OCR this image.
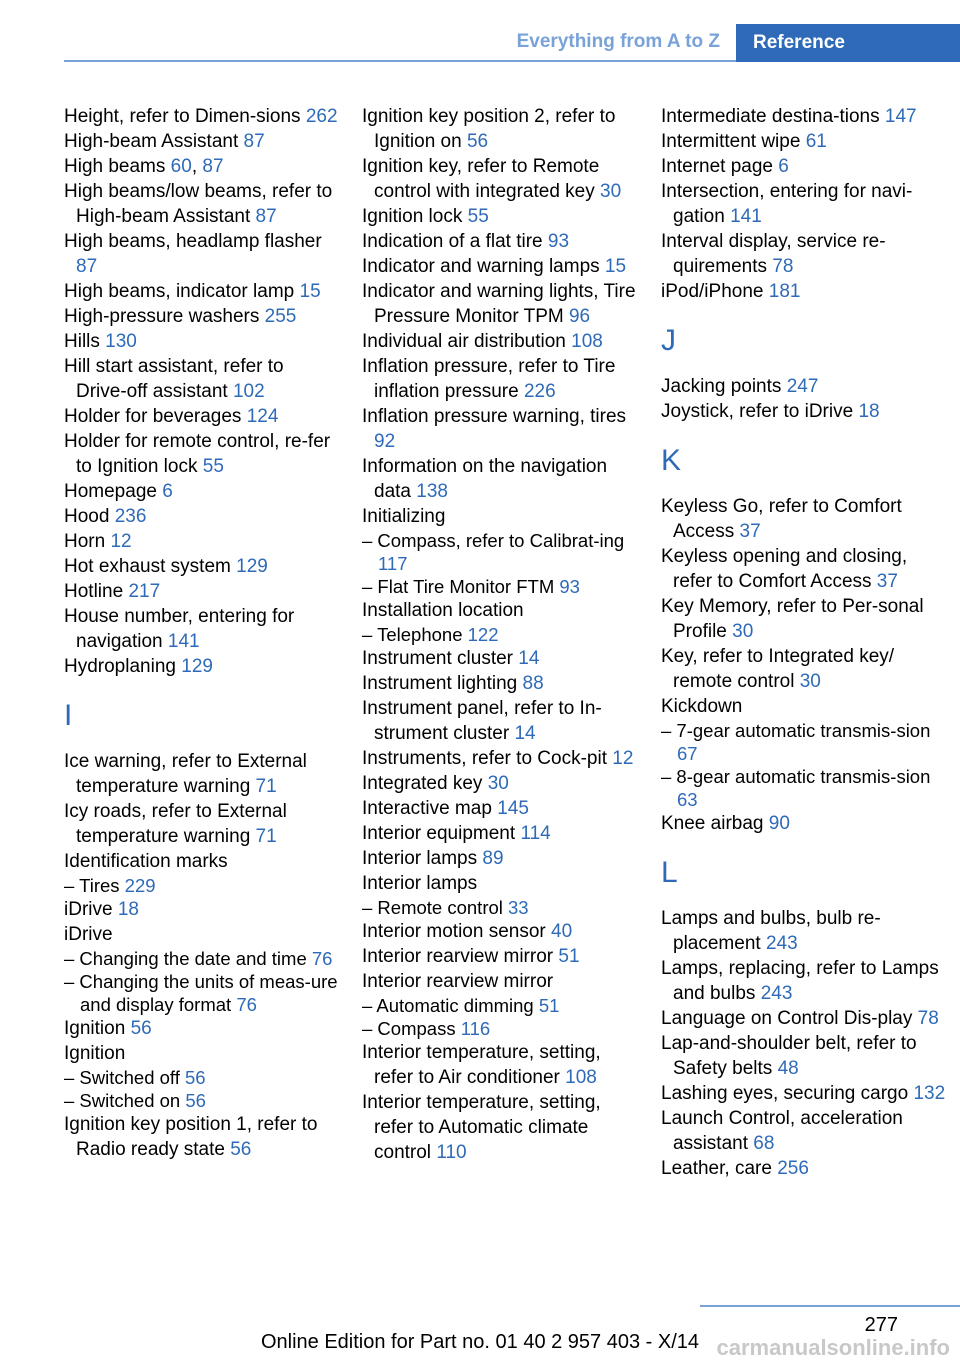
Everything from A to Z	Reference
Height, refer to Dimen‐sions 262
High-beam Assistant 87
High beams 60, 87
High beams/low beams, refer to High-beam Assistant 87
High beams, headlamp flasher 87
High beams, indicator lamp 15
High-pressure washers 255
Hills 130
Hill start assistant, refer to Drive-off assistant 102
Holder for beverages 124
Holder for remote control, re‐fer to Ignition lock 55
Homepage 6
Hood 236
Horn 12
Hot exhaust system 129
Hotline 217
House number, entering for navigation 141
Hydroplaning 129
I
Ice warning, refer to External temperature warning 71
Icy roads, refer to External temperature warning 71
Identification marks
– Tires 229
iDrive 18
iDrive
– Changing the date and time 76
– Changing the units of meas‐ure and display format 76
Ignition 56
Ignition
– Switched off 56
– Switched on 56
Ignition key position 1, refer to Radio ready state 56
Ignition key position 2, refer to Ignition on 56
Ignition key, refer to Remote control with integrated key 30
Ignition lock 55
Indication of a flat tire 93
Indicator and warning lamps 15
Indicator and warning lights, Tire Pressure Monitor TPM 96
Individual air distribution 108
Inflation pressure, refer to Tire inflation pressure 226
Inflation pressure warning, tires 92
Information on the navigation data 138
Initializing
– Compass, refer to Calibrat‐ing 117
– Flat Tire Monitor FTM 93
Installation location
– Telephone 122
Instrument cluster 14
Instrument lighting 88
Instrument panel, refer to In‐strument cluster 14
Instruments, refer to Cock‐pit 12
Integrated key 30
Interactive map 145
Interior equipment 114
Interior lamps 89
Interior lamps
– Remote control 33
Interior motion sensor 40
Interior rearview mirror 51
Interior rearview mirror
– Automatic dimming 51
– Compass 116
Interior temperature, setting, refer to Air conditioner 108
Interior temperature, setting, refer to Automatic climate control 110
Intermediate destina‐tions 147
Intermittent wipe 61
Internet page 6
Intersection, entering for navi‐gation 141
Interval display, service re‐quirements 78
iPod/iPhone 181
J
Jacking points 247
Joystick, refer to iDrive 18
K
Keyless Go, refer to Comfort Access 37
Keyless opening and closing, refer to Comfort Access 37
Key Memory, refer to Per‐sonal Profile 30
Key, refer to Integrated key/ remote control 30
Kickdown
– 7-gear automatic transmis‐sion 67
– 8-gear automatic transmis‐sion 63
Knee airbag 90
L
Lamps and bulbs, bulb re‐placement 243
Lamps, replacing, refer to Lamps and bulbs 243
Language on Control Dis‐play 78
Lap-and-shoulder belt, refer to Safety belts 48
Lashing eyes, securing cargo 132
Launch Control, acceleration assistant 68
Leather, care 256
277
Online Edition for Part no. 01 40 2 957 403 - X/14 carmanualsonline.info
